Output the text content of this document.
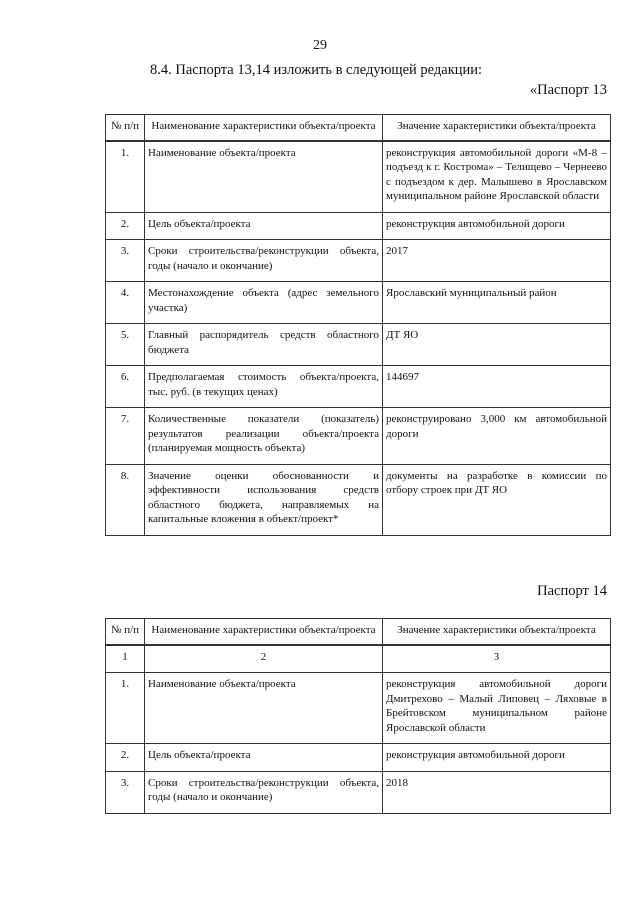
29
8.4. Паспорта 13,14 изложить в следующей редакции:
«Паспорт 13
№ п/п	Наименование характеристики объекта/проекта	Значение характеристики объекта/проекта
1.	Наименование объекта/проекта	реконструкция автомобильной дороги «М-8 – подъезд к г. Кострома» – Телищево – Чернеево с подъездом к дер. Малышево в Ярославском муниципальном районе Ярославской области
2.	Цель объекта/проекта	реконструкция автомобильной дороги
3.	Сроки строительства/реконструкции объекта, годы (начало и окончание)	2017
4.	Местонахождение объекта (адрес земельного участка)	Ярославский муниципальный район
5.	Главный распорядитель средств областного бюджета	ДТ ЯО
6.	Предполагаемая стоимость объекта/проекта, тыс. руб. (в текущих ценах)	144697
7.	Количественные показатели (показатель) результатов реализации объекта/проекта (планируемая мощность объекта)	реконструировано 3,000 км автомобильной дороги
8.	Значение оценки обоснованности и эффективности использования средств областного бюджета, направляемых на капитальные вложения в объект/проект*	документы на разработке в комиссии по отбору строек при ДТ ЯО
Паспорт 14
№ п/п	Наименование характеристики объекта/проекта	Значение характеристики объекта/проекта
1	2	3
1.	Наименование объекта/проекта	реконструкция автомобильной дороги Дмитрехово – Малый Липовец – Ляховые в Брейтовском муниципальном районе Ярославской области
2.	Цель объекта/проекта	реконструкция автомобильной дороги
3.	Сроки строительства/реконструкции объекта, годы (начало и окончание)	2018
